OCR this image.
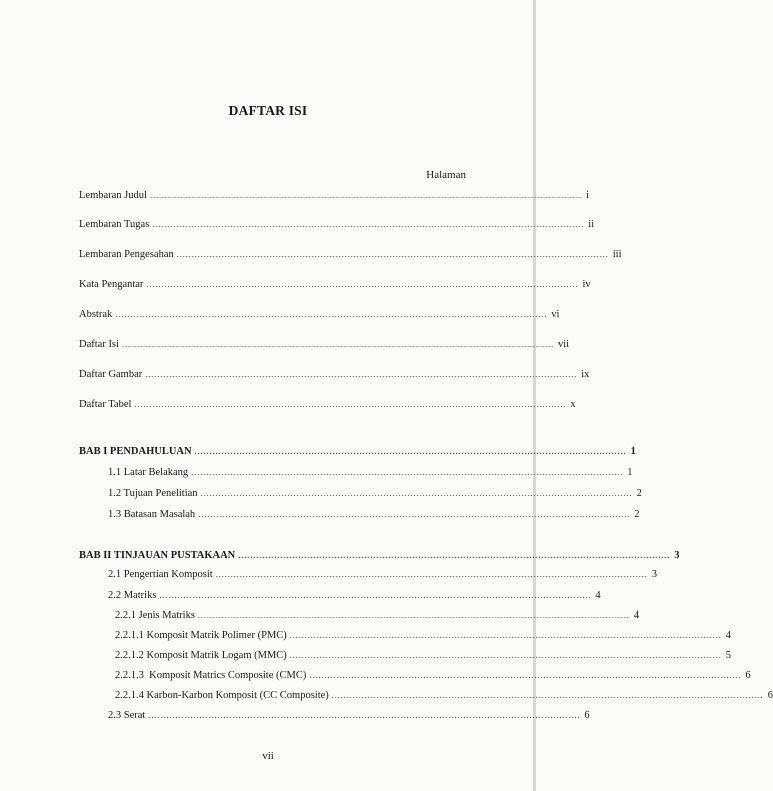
DAFTAR ISI
Halaman
Lembaran Judul ................................................................................................................................................ i
Lembaran Tugas ................................................................................................................................................ ii
Lembaran Pengesahan ................................................................................................................................................ iii
Kata Pengantar ................................................................................................................................................ iv
Abstrak ................................................................................................................................................ vi
Daftar Isi ................................................................................................................................................ vii
Daftar Gambar ................................................................................................................................................ ix
Daftar Tabel ................................................................................................................................................ x
BAB I PENDAHULUAN ................................................................................................................................................ 1
1.1 Latar Belakang ................................................................................................................................................ 1
1.2 Tujuan Penelitian ................................................................................................................................................ 2
1.3 Batasan Masalah ................................................................................................................................................ 2
BAB II TINJAUAN PUSTAKAAN ................................................................................................................................................ 3
2.1 Pengertian Komposit ................................................................................................................................................ 3
2.2 Matriks ................................................................................................................................................ 4
2.2.1 Jenis Matriks ................................................................................................................................................ 4
2.2.1.1 Komposit Matrik Polimer (PMC) ................................................................................................................................................ 4
2.2.1.2 Komposit Matrik Logam (MMC) ................................................................................................................................................ 5
2.2.1.3  Komposit Matrics Composite (CMC) ................................................................................................................................................ 6
2.2.1.4 Karbon-Karbon Komposit (CC Composite) ................................................................................................................................................ 6
2.3 Serat ................................................................................................................................................ 6
vii
